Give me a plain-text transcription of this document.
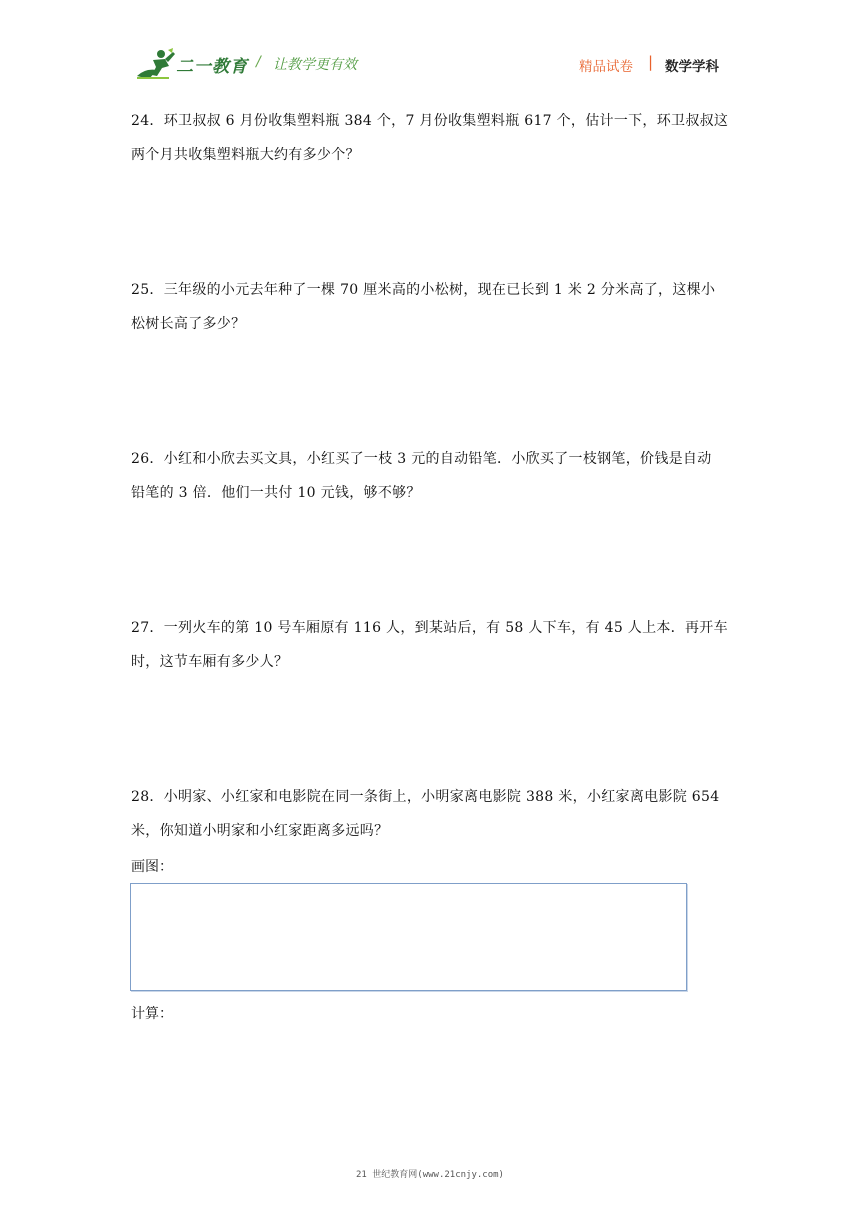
二一教育 / 让教学更有效	精品试卷 | 数学学科
24．环卫叔叔 6 月份收集塑料瓶 384 个，7 月份收集塑料瓶 617 个，估计一下，环卫叔叔这
两个月共收集塑料瓶大约有多少个？
25．三年级的小元去年种了一棵 70 厘米高的小松树，现在已长到 1 米 2 分米高了，这棵小
松树长高了多少？
26．小红和小欣去买文具，小红买了一枝 3 元的自动铅笔．小欣买了一枝钢笔，价钱是自动
铅笔的 3 倍．他们一共付 10 元钱，够不够？
27．一列火车的第 10 号车厢原有 116 人，到某站后，有 58 人下车，有 45 人上本．再开车
时，这节车厢有多少人？
28．小明家、小红家和电影院在同一条街上，小明家离电影院 388 米，小红家离电影院 654
米，你知道小明家和小红家距离多远吗？
画图：
计算：
21 世纪教育网(www.21cnjy.com)
